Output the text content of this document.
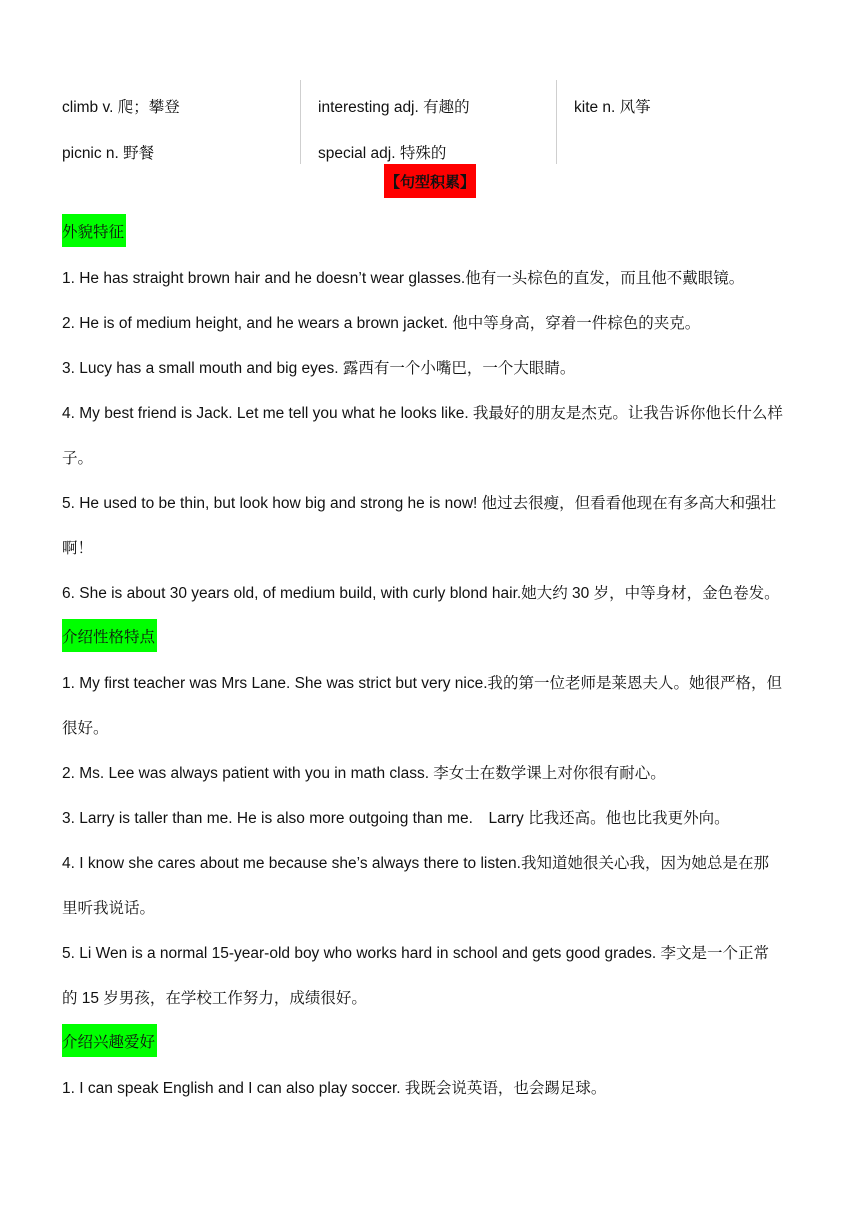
climb v. 爬；攀登
picnic n. 野餐
interesting adj. 有趣的
special adj. 特殊的
kite n. 风筝
【句型积累】
外貌特征
1. He has straight brown hair and he doesn’t wear glasses.他有一头棕色的直发，而且他不戴眼镜。
2. He is of medium height, and he wears a brown jacket. 他中等身高，穿着一件棕色的夹克。
3. Lucy has a small mouth and big eyes. 露西有一个小嘴巴，一个大眼睛。
4. My best friend is Jack. Let me tell you what he looks like. 我最好的朋友是杰克。让我告诉你他长什么样
子。
5. He used to be thin, but look how big and strong he is now! 他过去很瘦，但看看他现在有多高大和强壮
啊！
6. She is about 30 years old, of medium build, with curly blond hair.她大约 30 岁，中等身材，金色卷发。
介绍性格特点
1. My first teacher was Mrs Lane. She was strict but very nice.我的第一位老师是莱恩夫人。她很严格，但
很好。
2. Ms. Lee was always patient with you in math class. 李女士在数学课上对你很有耐心。
3. Larry is taller than me. He is also more outgoing than me.　Larry 比我还高。他也比我更外向。
4. I know she cares about me because she’s always there to listen.我知道她很关心我，因为她总是在那
里听我说话。
5. Li Wen is a normal 15-year-old boy who works hard in school and gets good grades. 李文是一个正常
的 15 岁男孩，在学校工作努力，成绩很好。
介绍兴趣爱好
1. I can speak English and I can also play soccer. 我既会说英语，也会踢足球。
